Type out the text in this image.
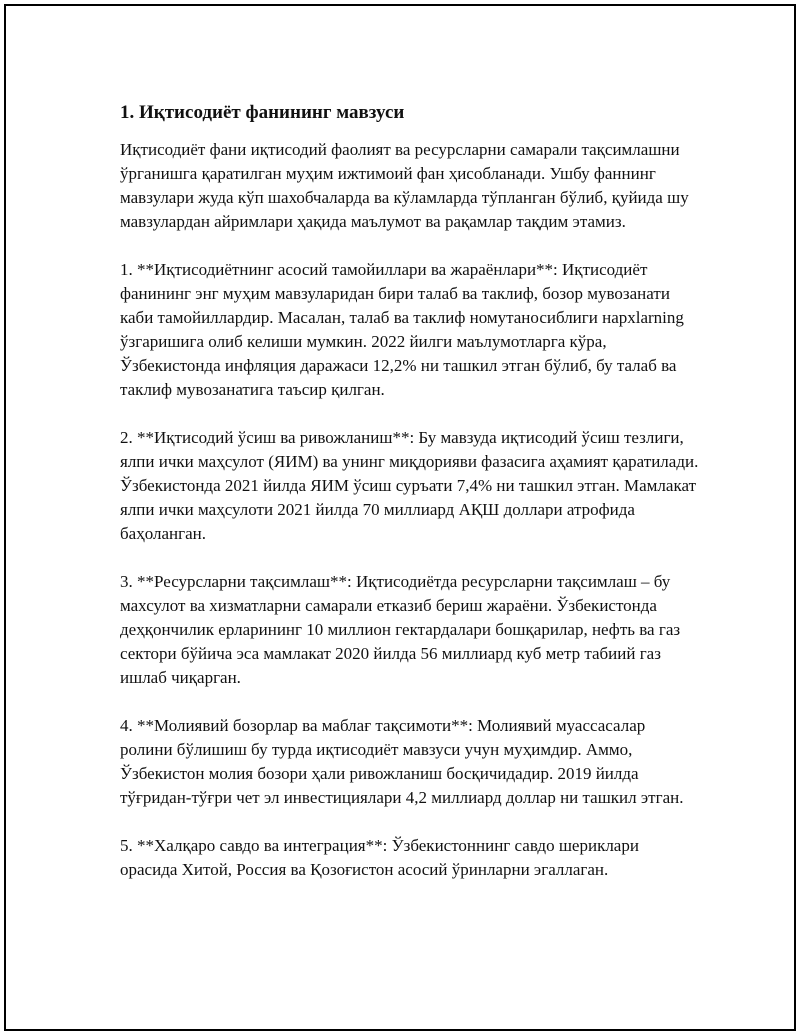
1. Иқтисодиёт фанининг мавзуси

Иқтисодиёт фани иқтисодий фаолият ва ресурсларни самарали тақсимлашни ўрганишга қаратилган муҳим ижтимоий фан ҳисобланади. Ушбу фаннинг мавзулари жуда кўп шахобчаларда ва кўламларда тўпланган бўлиб, қуйида шу мавзулардан айримлари ҳақида маълумот ва рақамлар тақдим этамиз.

1. **Иқтисодиётнинг асосий тамойиллари ва жараёнлари**: Иқтисодиёт фанининг энг муҳим мавзуларидан бири талаб ва таклиф, бозор мувозанати каби тамойиллардир. Масалан, талаб ва таклиф номутаносиблиги нарxlarning ўзгаришига олиб келиши мумкин. 2022 йилги маълумотларга кўра, Ўзбекистонда инфляция даражаси 12,2% ни ташкил этган бўлиб, бу талаб ва таклиф мувозанатига таъсир қилган.

2. **Иқтисодий ўсиш ва ривожланиш**: Бу мавзуда иқтисодий ўсиш тезлиги, ялпи ички маҳсулот (ЯИМ) ва унинг миқдорияви фазасига аҳамият қаратилади. Ўзбекистонда 2021 йилда ЯИМ ўсиш суръати 7,4% ни ташкил этган. Мамлакат ялпи ички маҳсулоти 2021 йилда 70 миллиард АҚШ доллари атрофида баҳоланган.

3. **Ресурсларни тақсимлаш**: Иқтисодиётда ресурсларни тақсимлаш – бу махсулот ва хизматларни самарали етказиб бериш жараёни. Ўзбекистонда деҳқончилик ерларининг 10 миллион гектардалари бошқарилар, нефть ва газ сектори бўйича эса мамлакат 2020 йилда 56 миллиард куб метр табиий газ ишлаб чиқарган.

4. **Молиявий бозорлар ва маблағ тақсимоти**: Молиявий муассасалар ролини бўлишиш бу турда иқтисодиёт мавзуси учун муҳимдир. Аммо, Ўзбекистон молия бозори ҳали ривожланиш босқичидадир. 2019 йилда тўғридан-тўғри чет эл инвестициялари 4,2 миллиард доллар ни ташкил этган.

5. **Халқаро савдо ва интеграция**: Ўзбекистоннинг савдо шериклари орасида Хитой, Россия ва Қозоғистон асосий ўринларни эгаллаган.
